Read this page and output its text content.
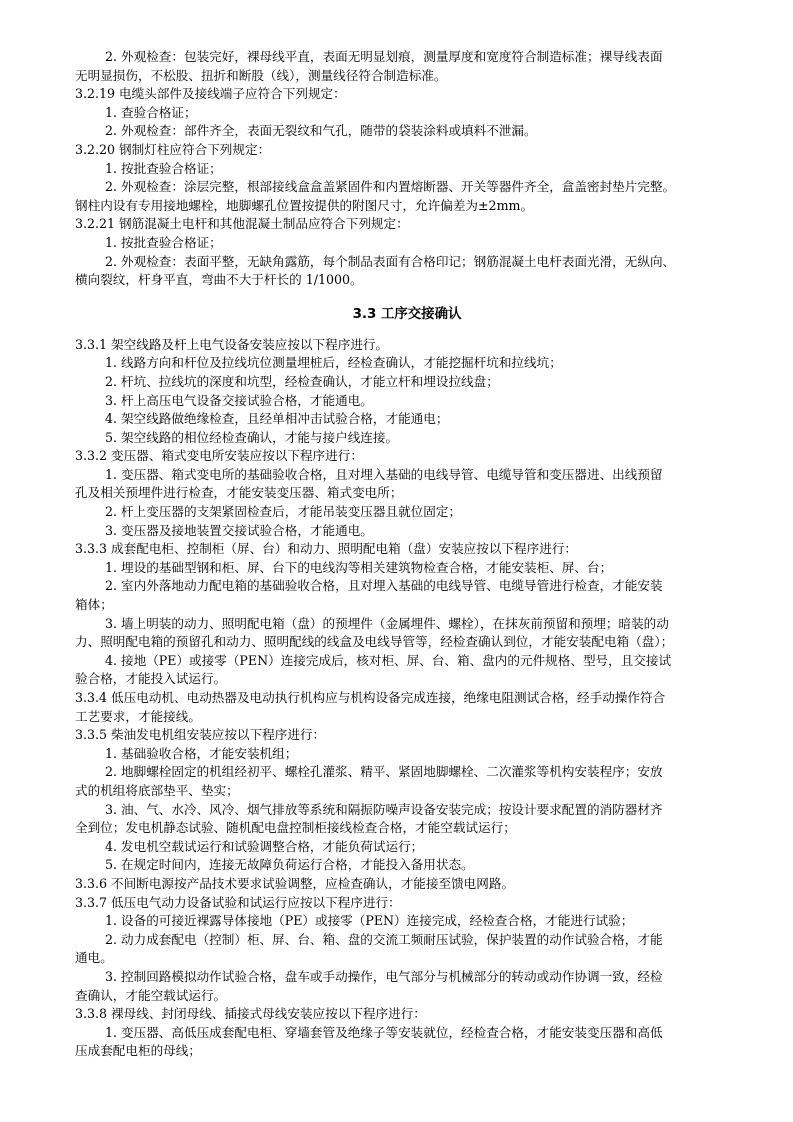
2. 外观检查：包装完好，裸母线平直，表面无明显划痕，测量厚度和宽度符合制造标准；裸导线表面
无明显损伤，不松股、扭折和断股（线），测量线径符合制造标准。
3.2.19 电缆头部件及接线端子应符合下列规定：
1. 查验合格证；
2. 外观检查：部件齐全，表面无裂纹和气孔，随带的袋装涂料或填料不泄漏。
3.2.20 钢制灯柱应符合下列规定：
1. 按批查验合格证；
2. 外观检查：涂层完整，根部接线盒盒盖紧固件和内置熔断器、开关等器件齐全，盒盖密封垫片完整。
钢柱内设有专用接地螺栓，地脚螺孔位置按提供的附图尺寸，允许偏差为±2mm。
3.2.21 钢筋混凝土电杆和其他混凝土制品应符合下列规定：
1. 按批查验合格证；
2. 外观检查：表面平整，无缺角露筋，每个制品表面有合格印记；钢筋混凝土电杆表面光滑，无纵向、
横向裂纹，杆身平直，弯曲不大于杆长的 1/1000。
3.3 工序交接确认
3.3.1 架空线路及杆上电气设备安装应按以下程序进行。
1. 线路方向和杆位及拉线坑位测量埋桩后，经检查确认，才能挖掘杆坑和拉线坑；
2. 杆坑、拉线坑的深度和坑型，经检查确认，才能立杆和埋设拉线盘；
3. 杆上高压电气设备交接试验合格，才能通电。
4. 架空线路做绝缘检查，且经单相冲击试验合格，才能通电；
5. 架空线路的相位经检查确认，才能与接户线连接。
3.3.2 变压器、箱式变电所安装应按以下程序进行：
1. 变压器、箱式变电所的基础验收合格，且对埋入基础的电线导管、电缆导管和变压器进、出线预留
孔及相关预埋件进行检查，才能安装变压器、箱式变电所；
2. 杆上变压器的支架紧固检查后，才能吊装变压器且就位固定；
3. 变压器及接地装置交接试验合格，才能通电。
3.3.3 成套配电柜、控制柜（屏、台）和动力、照明配电箱（盘）安装应按以下程序进行：
1. 埋设的基础型钢和柜、屏、台下的电线沟等相关建筑物检查合格，才能安装柜、屏、台；
2. 室内外落地动力配电箱的基础验收合格，且对埋入基础的电线导管、电缆导管进行检查，才能安装
箱体；
3. 墙上明装的动力、照明配电箱（盘）的预埋件（金属埋件、螺栓），在抹灰前预留和预埋；暗装的动
力、照明配电箱的预留孔和动力、照明配线的线盒及电线导管等，经检查确认到位，才能安装配电箱（盘）；
4. 接地（PE）或接零（PEN）连接完成后，核对柜、屏、台、箱、盘内的元件规格、型号，且交接试
验合格，才能投入试运行。
3.3.4 低压电动机、电动热器及电动执行机构应与机构设备完成连接，绝缘电阻测试合格，经手动操作符合
工艺要求，才能接线。
3.3.5 柴油发电机组安装应按以下程序进行：
1. 基础验收合格，才能安装机组；
2. 地脚螺栓固定的机组经初平、螺栓孔灌浆、精平、紧固地脚螺栓、二次灌浆等机构安装程序；安放
式的机组将底部垫平、垫实；
3. 油、气、水冷、风冷、烟气排放等系统和隔振防噪声设备安装完成；按设计要求配置的消防器材齐
全到位；发电机静态试验、随机配电盘控制柜接线检查合格，才能空载试运行；
4. 发电机空载试运行和试验调整合格，才能负荷试运行；
5. 在规定时间内，连接无故障负荷运行合格，才能投入备用状态。
3.3.6 不间断电源按产品技术要求试验调整，应检查确认，才能接至馈电网路。
3.3.7 低压电气动力设备试验和试运行应按以下程序进行：
1. 设备的可接近裸露导体接地（PE）或接零（PEN）连接完成，经检查合格，才能进行试验；
2. 动力成套配电（控制）柜、屏、台、箱、盘的交流工频耐压试验，保护装置的动作试验合格，才能
通电。
3. 控制回路模拟动作试验合格，盘车或手动操作，电气部分与机械部分的转动或动作协调一致，经检
查确认，才能空载试运行。
3.3.8 裸母线、封闭母线、插接式母线安装应按以下程序进行：
1. 变压器、高低压成套配电柜、穿墙套管及绝缘子等安装就位，经检查合格，才能安装变压器和高低
压成套配电柜的母线；
